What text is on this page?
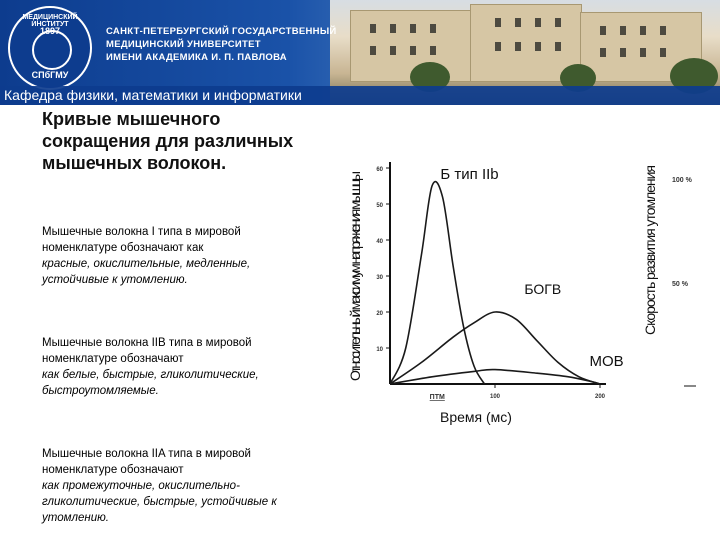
МЕДИЦИНСКИЙ ИНСТИТУТ
1897
СПбГМУ
САНКТ-ПЕТЕРБУРГСКИЙ ГОСУДАРСТВЕННЫЙ
МЕДИЦИНСКИЙ УНИВЕРСИТЕТ
ИМЕНИ АКАДЕМИКА И. П. ПАВЛОВА
Кафедра физики, математики и информатики
Кривые мышечного сокращения для различных мышечных волокон.
Мышечные волокна I типа в мировой номенклатуре обозначают как
красные, окислительные, медленные, устойчивые к утомлению.
Мышечные волокна IIB типа в мировой номенклатуре обозначают
как белые, быстрые, гликолитические, быстроутомляемые.
Мышечные волокна IIA типа в мировой номенклатуре обозначают
как промежуточные, окислительно-гликолитические, быстрые, устойчивые к утомлению.
10
20
30
40
50
60
100	200
ПТМ
Б тип IIb
БОГВ
МОВ
Время (мс)
Относительный максимум напряжения мышцы
Скорость развития утомления
100 %
50 %
